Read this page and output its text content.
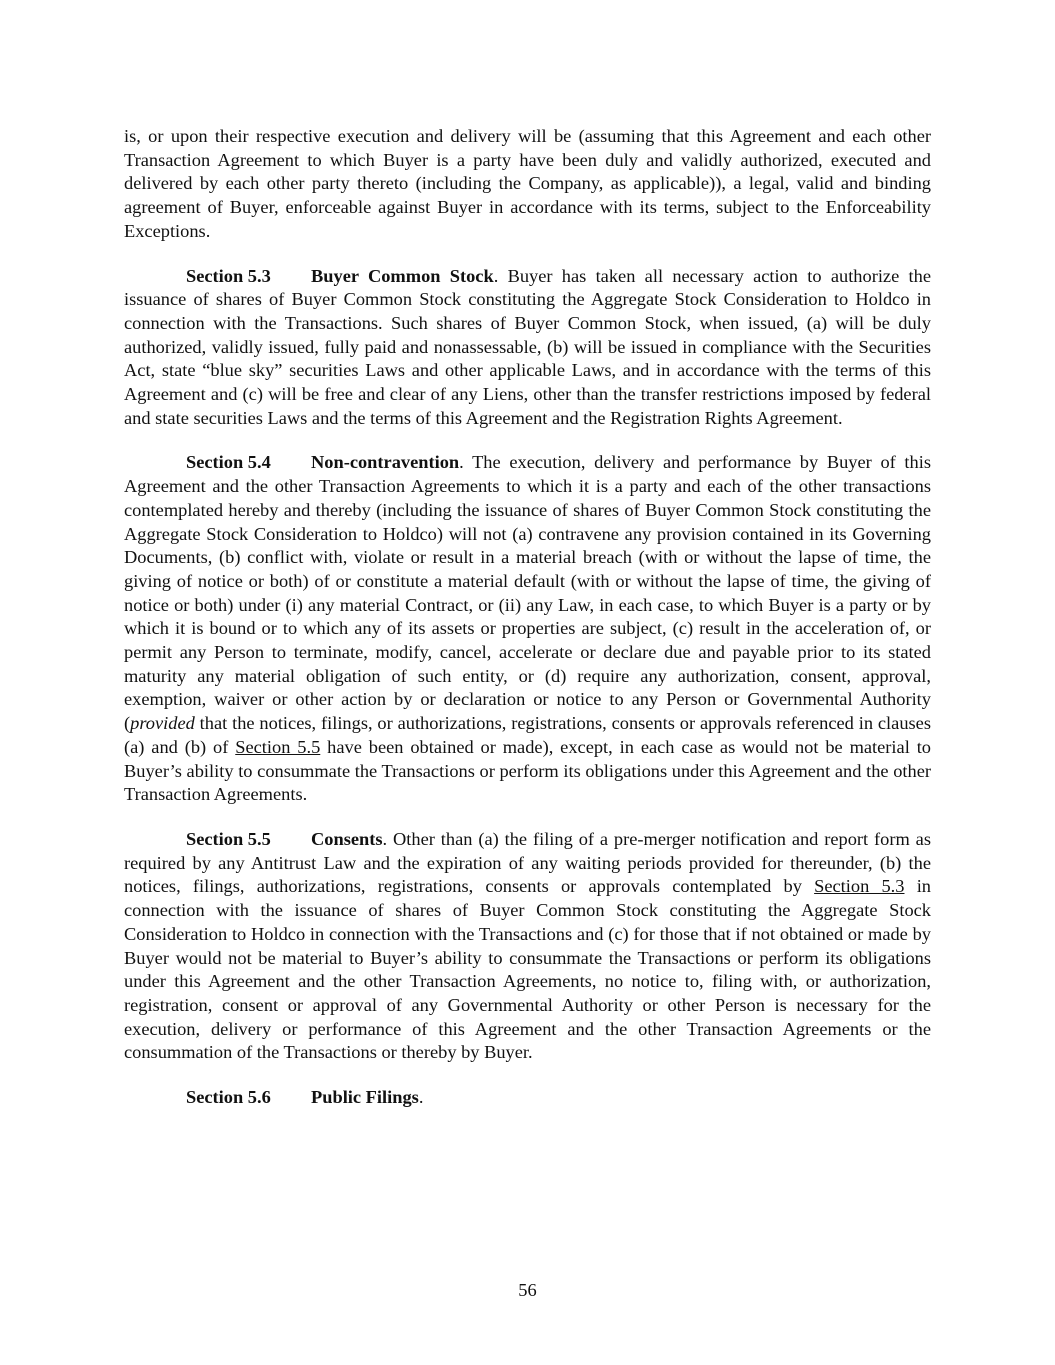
is, or upon their respective execution and delivery will be (assuming that this Agreement and each other Transaction Agreement to which Buyer is a party have been duly and validly authorized, executed and delivered by each other party thereto (including the Company, as applicable)), a legal, valid and binding agreement of Buyer, enforceable against Buyer in accordance with its terms, subject to the Enforceability Exceptions.

Section 5.3 Buyer Common Stock. Buyer has taken all necessary action to authorize the issuance of shares of Buyer Common Stock constituting the Aggregate Stock Consideration to Holdco in connection with the Transactions. Such shares of Buyer Common Stock, when issued, (a) will be duly authorized, validly issued, fully paid and nonassessable, (b) will be issued in compliance with the Securities Act, state “blue sky” securities Laws and other applicable Laws, and in accordance with the terms of this Agreement and (c) will be free and clear of any Liens, other than the transfer restrictions imposed by federal and state securities Laws and the terms of this Agreement and the Registration Rights Agreement.

Section 5.4 Non-contravention. The execution, delivery and performance by Buyer of this Agreement and the other Transaction Agreements to which it is a party and each of the other transactions contemplated hereby and thereby (including the issuance of shares of Buyer Common Stock constituting the Aggregate Stock Consideration to Holdco) will not (a) contravene any provision contained in its Governing Documents, (b) conflict with, violate or result in a material breach (with or without the lapse of time, the giving of notice or both) of or constitute a material default (with or without the lapse of time, the giving of notice or both) under (i) any material Contract, or (ii) any Law, in each case, to which Buyer is a party or by which it is bound or to which any of its assets or properties are subject, (c) result in the acceleration of, or permit any Person to terminate, modify, cancel, accelerate or declare due and payable prior to its stated maturity any material obligation of such entity, or (d) require any authorization, consent, approval, exemption, waiver or other action by or declaration or notice to any Person or Governmental Authority (provided that the notices, filings, or authorizations, registrations, consents or approvals referenced in clauses (a) and (b) of Section 5.5 have been obtained or made), except, in each case as would not be material to Buyer’s ability to consummate the Transactions or perform its obligations under this Agreement and the other Transaction Agreements.

Section 5.5 Consents. Other than (a) the filing of a pre-merger notification and report form as required by any Antitrust Law and the expiration of any waiting periods provided for thereunder, (b) the notices, filings, authorizations, registrations, consents or approvals contemplated by Section 5.3 in connection with the issuance of shares of Buyer Common Stock constituting the Aggregate Stock Consideration to Holdco in connection with the Transactions and (c) for those that if not obtained or made by Buyer would not be material to Buyer’s ability to consummate the Transactions or perform its obligations under this Agreement and the other Transaction Agreements, no notice to, filing with, or authorization, registration, consent or approval of any Governmental Authority or other Person is necessary for the execution, delivery or performance of this Agreement and the other Transaction Agreements or the consummation of the Transactions or thereby by Buyer.

Section 5.6 Public Filings.

56
